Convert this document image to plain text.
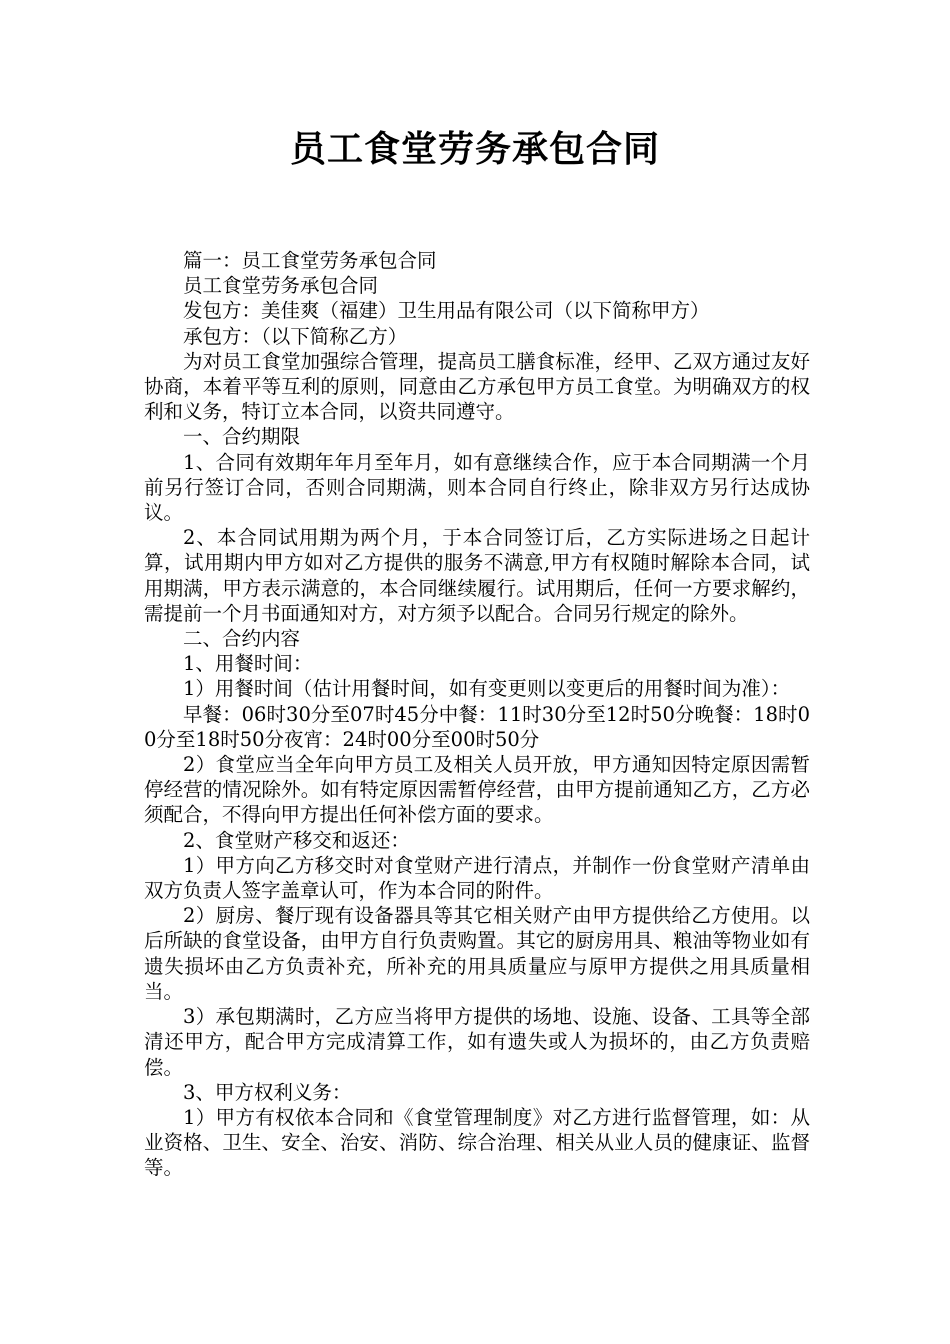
员工食堂劳务承包合同

篇一：员工食堂劳务承包合同

员工食堂劳务承包合同

发包方：美佳爽（福建）卫生用品有限公司（以下简称甲方）

承包方：（以下简称乙方）

为对员工食堂加强综合管理，提高员工膳食标准，经甲、乙双方通过友好协商，本着平等互利的原则，同意由乙方承包甲方员工食堂。为明确双方的权利和义务，特订立本合同，以资共同遵守。

一、合约期限

1、合同有效期年年月至年月，如有意继续合作，应于本合同期满一个月前另行签订合同，否则合同期满，则本合同自行终止，除非双方另行达成协议。

2、本合同试用期为两个月，于本合同签订后，乙方实际进场之日起计算，试用期内甲方如对乙方提供的服务不满意,甲方有权随时解除本合同，试用期满，甲方表示满意的，本合同继续履行。试用期后，任何一方要求解约，需提前一个月书面通知对方，对方须予以配合。合同另行规定的除外。

二、合约内容

1、用餐时间：

1）用餐时间（估计用餐时间，如有变更则以变更后的用餐时间为准）：

早餐：06时30分至07时45分中餐：11时30分至12时50分晚餐：18时00分至18时50分夜宵：24时00分至00时50分

2）食堂应当全年向甲方员工及相关人员开放，甲方通知因特定原因需暂停经营的情况除外。如有特定原因需暂停经营，由甲方提前通知乙方，乙方必须配合，不得向甲方提出任何补偿方面的要求。

2、食堂财产移交和返还：

1）甲方向乙方移交时对食堂财产进行清点，并制作一份食堂财产清单由双方负责人签字盖章认可，作为本合同的附件。

2）厨房、餐厅现有设备器具等其它相关财产由甲方提供给乙方使用。以后所缺的食堂设备，由甲方自行负责购置。其它的厨房用具、粮油等物业如有遗失损坏由乙方负责补充，所补充的用具质量应与原甲方提供之用具质量相当。

3）承包期满时，乙方应当将甲方提供的场地、设施、设备、工具等全部清还甲方，配合甲方完成清算工作，如有遗失或人为损坏的，由乙方负责赔偿。

3、甲方权利义务：

1）甲方有权依本合同和《食堂管理制度》对乙方进行监督管理，如：从业资格、卫生、安全、治安、消防、综合治理、相关从业人员的健康证、监督等。
